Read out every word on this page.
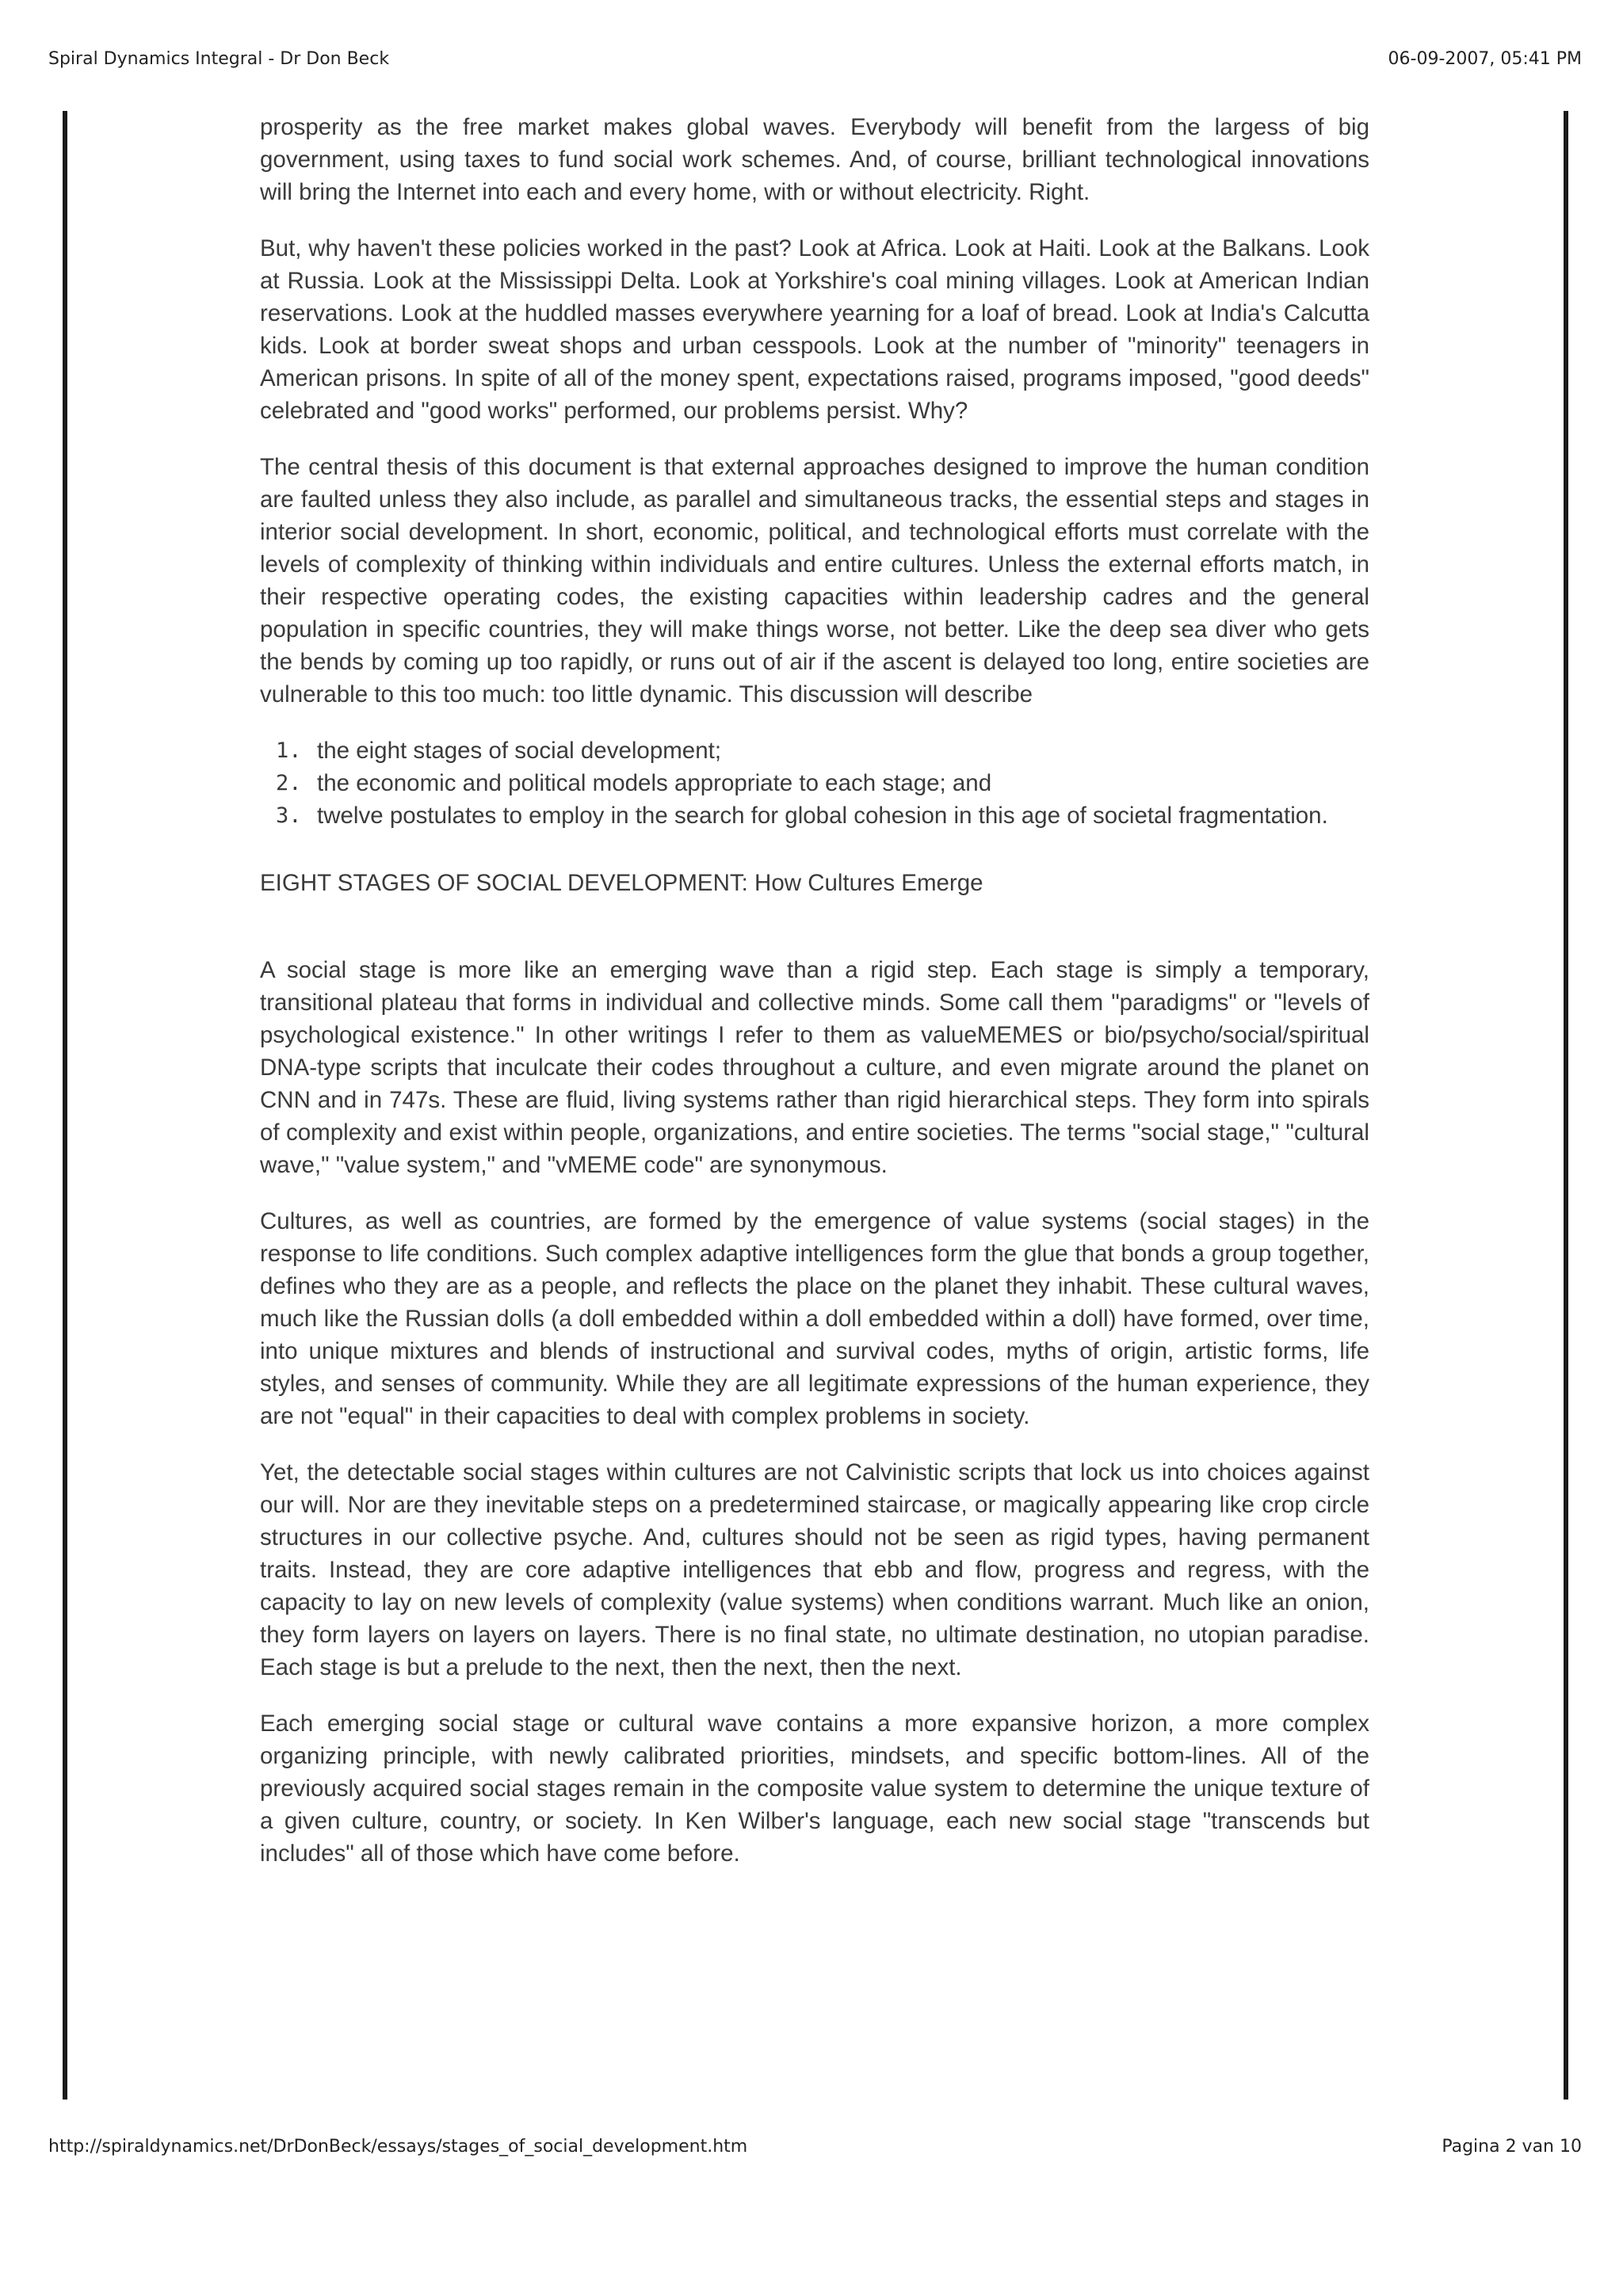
Spiral Dynamics Integral - Dr Don Beck	06-09-2007, 05:41 PM

prosperity as the free market makes global waves. Everybody will benefit from the largess of big government, using taxes to fund social work schemes. And, of course, brilliant technological innovations will bring the Internet into each and every home, with or without electricity. Right.

But, why haven't these policies worked in the past? Look at Africa. Look at Haiti. Look at the Balkans. Look at Russia. Look at the Mississippi Delta. Look at Yorkshire's coal mining villages. Look at American Indian reservations. Look at the huddled masses everywhere yearning for a loaf of bread. Look at India's Calcutta kids. Look at border sweat shops and urban cesspools. Look at the number of "minority" teenagers in American prisons. In spite of all of the money spent, expectations raised, programs imposed, "good deeds" celebrated and "good works" performed, our problems persist. Why?

The central thesis of this document is that external approaches designed to improve the human condition are faulted unless they also include, as parallel and simultaneous tracks, the essential steps and stages in interior social development. In short, economic, political, and technological efforts must correlate with the levels of complexity of thinking within individuals and entire cultures. Unless the external efforts match, in their respective operating codes, the existing capacities within leadership cadres and the general population in specific countries, they will make things worse, not better. Like the deep sea diver who gets the bends by coming up too rapidly, or runs out of air if the ascent is delayed too long, entire societies are vulnerable to this too much: too little dynamic. This discussion will describe

1. the eight stages of social development;
2. the economic and political models appropriate to each stage; and
3. twelve postulates to employ in the search for global cohesion in this age of societal fragmentation.
EIGHT STAGES OF SOCIAL DEVELOPMENT: How Cultures Emerge

A social stage is more like an emerging wave than a rigid step. Each stage is simply a temporary, transitional plateau that forms in individual and collective minds. Some call them "paradigms" or "levels of psychological existence." In other writings I refer to them as valueMEMES or bio/psycho/social/spiritual DNA-type scripts that inculcate their codes throughout a culture, and even migrate around the planet on CNN and in 747s. These are fluid, living systems rather than rigid hierarchical steps. They form into spirals of complexity and exist within people, organizations, and entire societies. The terms "social stage," "cultural wave," "value system," and "vMEME code" are synonymous.

Cultures, as well as countries, are formed by the emergence of value systems (social stages) in the response to life conditions. Such complex adaptive intelligences form the glue that bonds a group together, defines who they are as a people, and reflects the place on the planet they inhabit. These cultural waves, much like the Russian dolls (a doll embedded within a doll embedded within a doll) have formed, over time, into unique mixtures and blends of instructional and survival codes, myths of origin, artistic forms, life styles, and senses of community. While they are all legitimate expressions of the human experience, they are not "equal" in their capacities to deal with complex problems in society.

Yet, the detectable social stages within cultures are not Calvinistic scripts that lock us into choices against our will. Nor are they inevitable steps on a predetermined staircase, or magically appearing like crop circle structures in our collective psyche. And, cultures should not be seen as rigid types, having permanent traits. Instead, they are core adaptive intelligences that ebb and flow, progress and regress, with the capacity to lay on new levels of complexity (value systems) when conditions warrant. Much like an onion, they form layers on layers on layers. There is no final state, no ultimate destination, no utopian paradise. Each stage is but a prelude to the next, then the next, then the next.

Each emerging social stage or cultural wave contains a more expansive horizon, a more complex organizing principle, with newly calibrated priorities, mindsets, and specific bottom-lines. All of the previously acquired social stages remain in the composite value system to determine the unique texture of a given culture, country, or society. In Ken Wilber's language, each new social stage "transcends but includes" all of those which have come before.

http://spiraldynamics.net/DrDonBeck/essays/stages_of_social_development.htm	Pagina 2 van 10
